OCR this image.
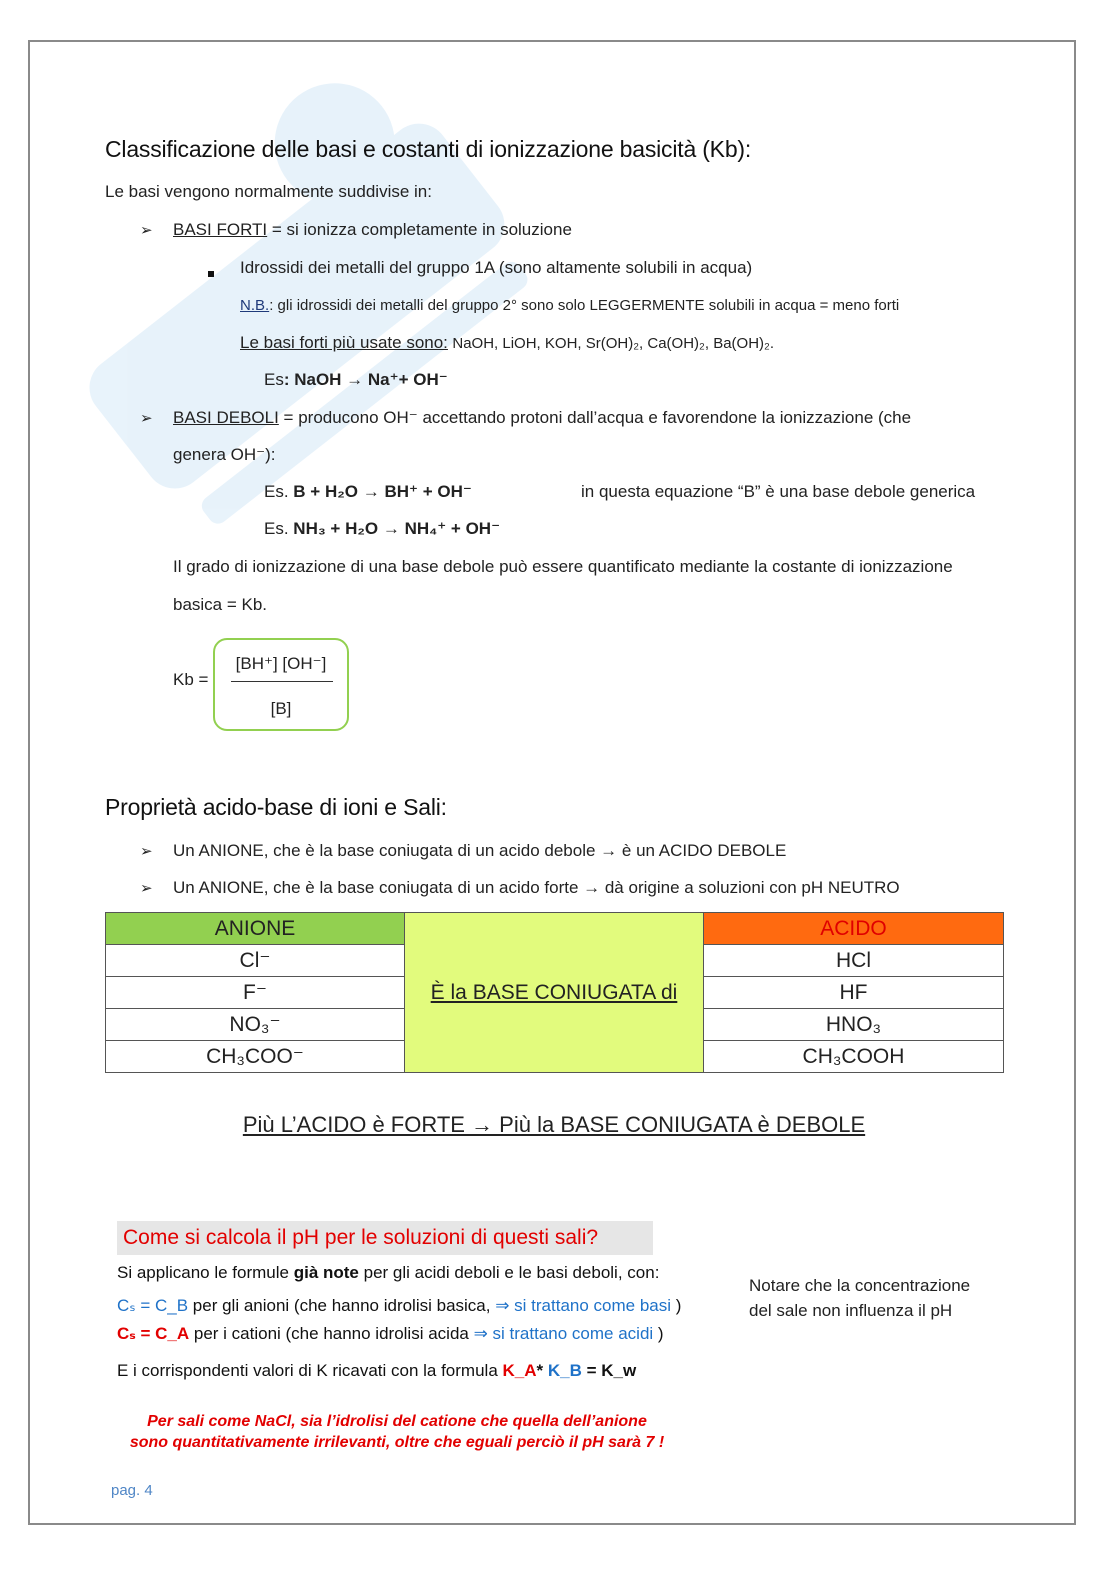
Classificazione delle basi e costanti di ionizzazione basicità (Kb):
Le basi vengono normalmente suddivise in:
➢ BASI FORTI = si ionizza completamente in soluzione
Idrossidi dei metalli del gruppo 1A (sono altamente solubili in acqua)
N.B.: gli idrossidi dei metalli del gruppo 2° sono solo LEGGERMENTE solubili in acqua = meno forti
Le basi forti più usate sono: NaOH, LiOH, KOH, Sr(OH)₂, Ca(OH)₂, Ba(OH)₂.
Es: NaOH → Na⁺+ OH⁻
➢ BASI DEBOLI = producono OH⁻ accettando protoni dall’acqua e favorendone la ionizzazione (che
genera OH⁻):
Es. B + H₂O → BH⁺ + OH⁻	in questa equazione “B” è una base debole generica
Es. NH₃ + H₂O → NH₄⁺ + OH⁻
Il grado di ionizzazione di una base debole può essere quantificato mediante la costante di ionizzazione
basica = Kb.
Kb =
[BH⁺] [OH⁻]
[B]
Proprietà acido-base di ioni e Sali:
➢ Un ANIONE, che è la base coniugata di un acido debole → è un ACIDO DEBOLE
➢ Un ANIONE, che è la base coniugata di un acido forte → dà origine a soluzioni con pH NEUTRO
ANIONE	È la BASE CONIUGATA di	ACIDO
Cl⁻		HCl
F⁻		HF
NO₃⁻		HNO₃
CH₃COO⁻		CH₃COOH
Più L’ACIDO è FORTE → Più la BASE CONIUGATA è DEBOLE
Come si calcola il pH per le soluzioni di questi sali?
Si applicano le formule già note per gli acidi deboli e le basi deboli, con:
Cₛ = C_B per gli anioni (che hanno idrolisi basica, ⇒ si trattano come basi )
Cₛ = C_A per i cationi (che hanno idrolisi acida ⇒ si trattano come acidi )
E i corrispondenti valori di K ricavati con la formula K_A* K_B = K_w
Per sali come NaCl, sia l’idrolisi del catione che quella dell’anione
sono quantitativamente irrilevanti, oltre che eguali perciò il pH sarà 7 !
Notare che la concentrazione
del sale non influenza il pH
pag. 4
